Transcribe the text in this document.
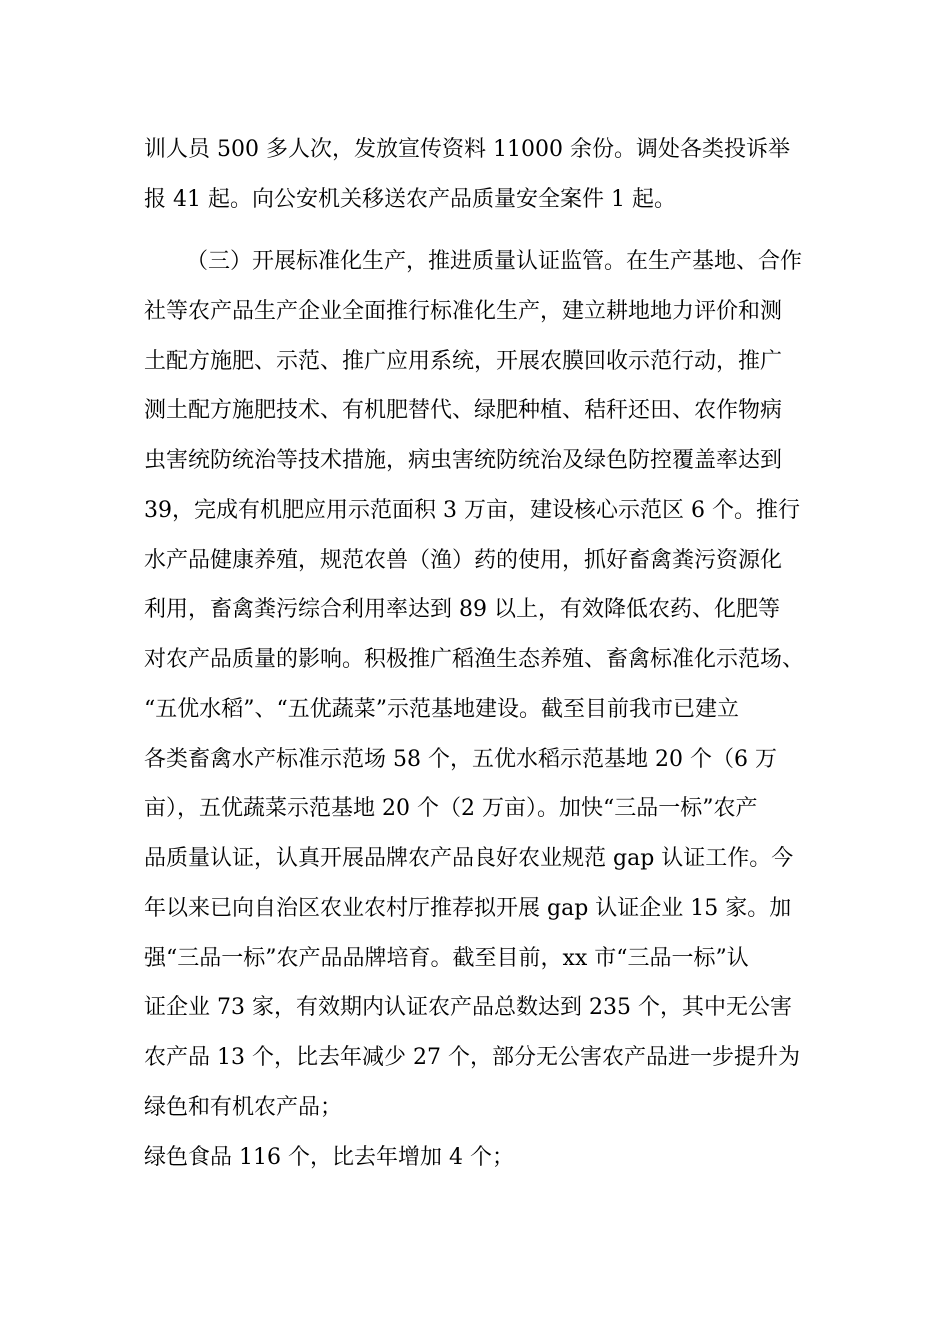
训人员 500 多人次，发放宣传资料 11000 余份。调处各类投诉举
报 41 起。向公安机关移送农产品质量安全案件 1 起。
（三）开展标准化生产，推进质量认证监管。在生产基地、合作
社等农产品生产企业全面推行标准化生产，建立耕地地力评价和测
土配方施肥、示范、推广应用系统，开展农膜回收示范行动，推广
测土配方施肥技术、有机肥替代、绿肥种植、秸秆还田、农作物病
虫害统防统治等技术措施，病虫害统防统治及绿色防控覆盖率达到
39，完成有机肥应用示范面积 3 万亩，建设核心示范区 6 个。推行
水产品健康养殖，规范农兽（渔）药的使用，抓好畜禽粪污资源化
利用，畜禽粪污综合利用率达到 89 以上，有效降低农药、化肥等
对农产品质量的影响。积极推广稻渔生态养殖、畜禽标准化示范场、
“五优水稻”、“五优蔬菜”示范基地建设。截至目前我市已建立
各类畜禽水产标准示范场 58 个，五优水稻示范基地 20 个（6 万
亩），五优蔬菜示范基地 20 个（2 万亩）。加快“三品一标”农产
品质量认证，认真开展品牌农产品良好农业规范 gap 认证工作。今
年以来已向自治区农业农村厅推荐拟开展 gap 认证企业 15 家。加
强“三品一标”农产品品牌培育。截至目前，xx 市“三品一标”认
证企业 73 家，有效期内认证农产品总数达到 235 个，其中无公害
农产品 13 个，比去年减少 27 个，部分无公害农产品进一步提升为
绿色和有机农产品；
绿色食品 116 个，比去年增加 4 个；
